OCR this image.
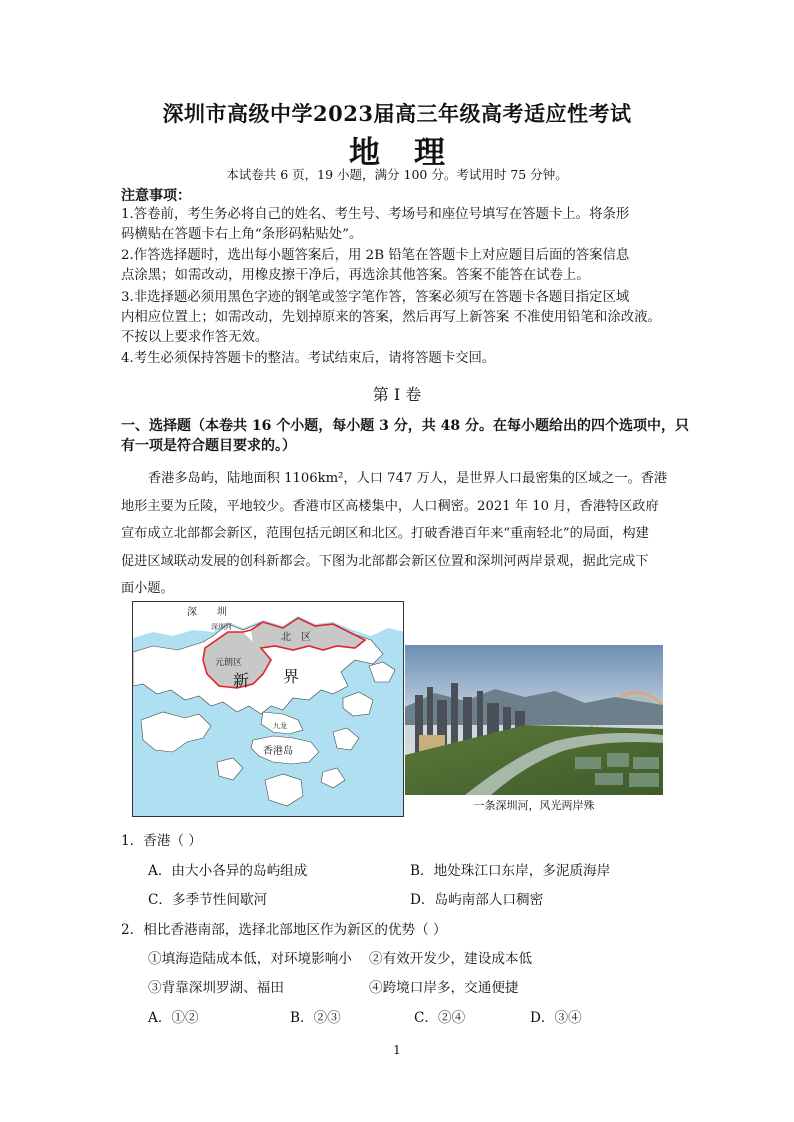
深圳市高级中学2023届高三年级高考适应性考试
地理
本试卷共 6 页，19 小题，满分 100 分。考试用时 75 分钟。
注意事项：
1.答卷前，考生务必将自己的姓名、考生号、考场号和座位号填写在答题卡上。将条形
码横贴在答题卡右上角“条形码粘贴处”。
2.作答选择题时，选出每小题答案后，用 2B 铅笔在答题卡上对应题目后面的答案信息
点涂黑；如需改动，用橡皮擦干净后，再选涂其他答案。答案不能答在试卷上。
3.非选择题必须用黑色字迹的钢笔或签字笔作答，答案必须写在答题卡各题目指定区域
内相应位置上；如需改动，先划掉原来的答案，然后再写上新答案 不准使用铅笔和涂改液。
不按以上要求作答无效。
4.考生必须保持答题卡的整洁。考试结束后，请将答题卡交回。
第 I 卷
一、选择题（本卷共 16 个小题，每小题 3 分，共 48 分。在每小题给出的四个选项中，只
有一项是符合题目要求的。）
香港多岛屿，陆地面积 1106km²，人口 747 万人，是世界人口最密集的区域之一。香港
地形主要为丘陵，平地较少。香港市区高楼集中，人口稠密。2021 年 10 月，香港特区政府
宣布成立北部都会新区，范围包括元朗区和北区。打破香港百年来“重南轻北”的局面，构建
促进区域联动发展的创科新都会。下图为北部都会新区位置和深圳河两岸景观，据此完成下
面小题。
深　　圳
深圳河
北　区
元朗区
新 界
九龙
香港岛
一条深圳河，风光两岸殊
1．香港（ ）
A．由大小各异的岛屿组成	B．地处珠江口东岸，多泥质海岸
C．多季节性间歇河	D．岛屿南部人口稠密
2．相比香港南部，选择北部地区作为新区的优势（ ）
①填海造陆成本低，对环境影响小 ②有效开发少，建设成本低
③背靠深圳罗湖、福田	④跨境口岸多，交通便捷
A．①②	B．②③	C．②④	D．③④
1
